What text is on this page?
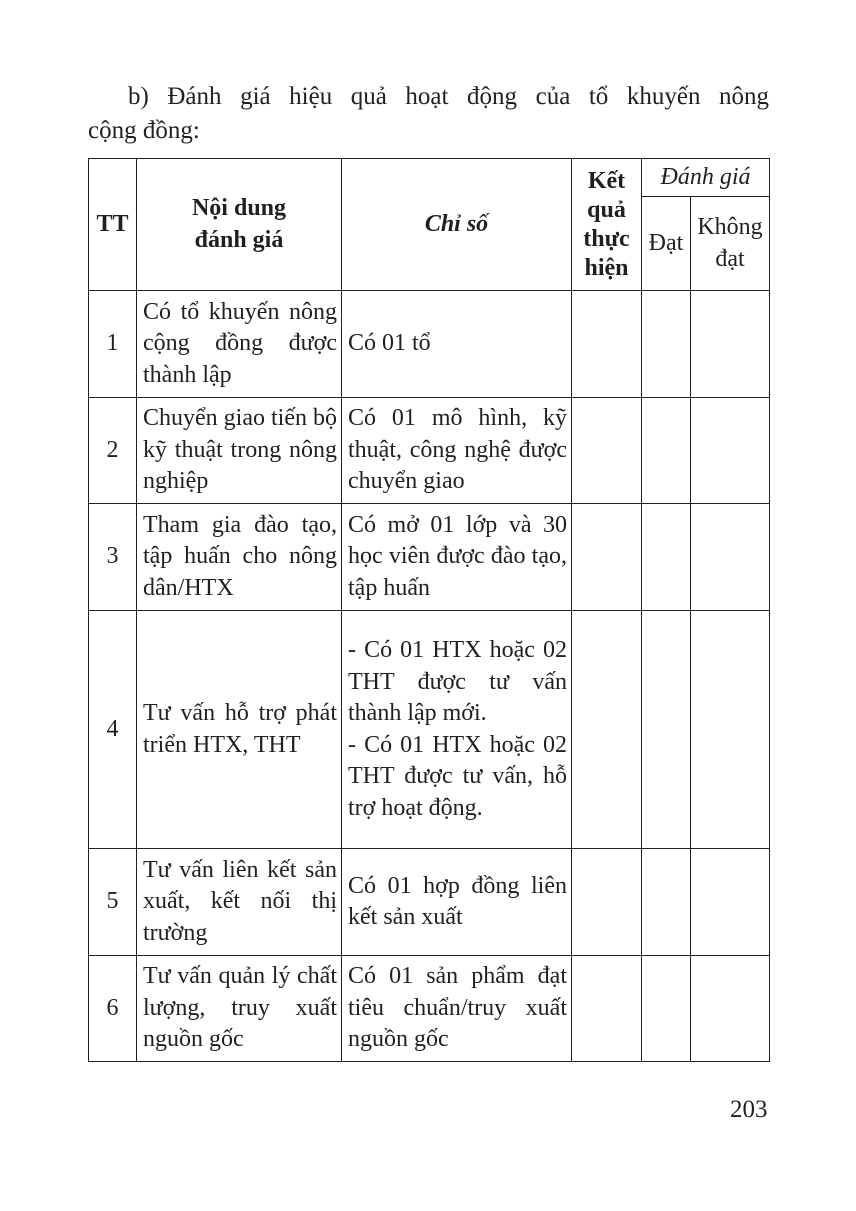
b) Đánh giá hiệu quả hoạt động của tổ khuyến nông
cộng đồng:

TT	Nội dung đánh giá	Chỉ số	Kết quả thực hiện	Đánh giá	
				Đạt	Không đạt
1	Có tổ khuyến nông cộng đồng được thành lập	Có 01 tổ			
2	Chuyển giao tiến bộ kỹ thuật trong nông nghiệp	Có 01 mô hình, kỹ thuật, công nghệ được chuyển giao			
3	Tham gia đào tạo, tập huấn cho nông dân/HTX	Có mở 01 lớp và 30 học viên được đào tạo, tập huấn			
4	Tư vấn hỗ trợ phát triển HTX, THT	- Có 01 HTX hoặc 02 THT được tư vấn thành lập mới.
- Có 01 HTX hoặc 02 THT được tư vấn, hỗ trợ hoạt động.			

5	Tư vấn liên kết sản xuất, kết nối thị trường	Có 01 hợp đồng liên kết sản xuất			
6	Tư vấn quản lý chất lượng, truy xuất nguồn gốc	Có 01 sản phẩm đạt tiêu chuẩn/truy xuất nguồn gốc			
203
